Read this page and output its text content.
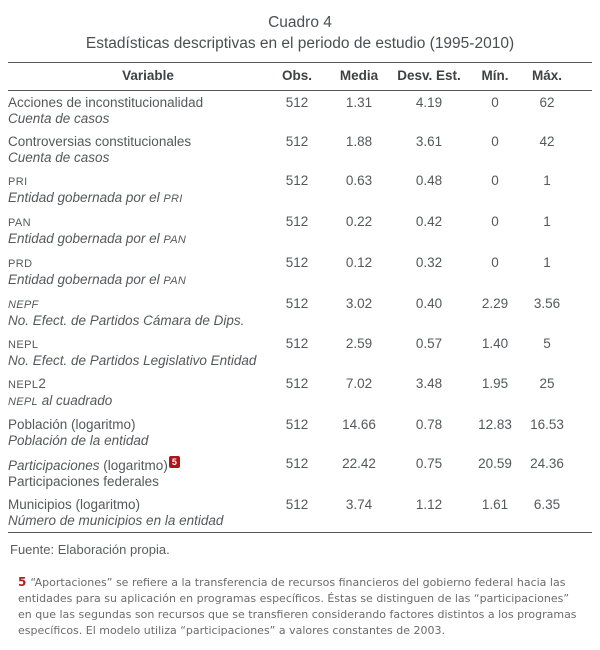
Cuadro 4
Estadísticas descriptivas en el periodo de estudio (1995-2010)
Variable	Obs.	Media	Desv. Est.	Mín.	Máx.
Acciones de inconstitucionalidad
Cuenta de casos
512	1.31	4.19	0	62
Controversias constitucionales
Cuenta de casos
512	1.88	3.61	0	42
PRI
Entidad gobernada por el PRI
512	0.63	0.48	0	1
PAN
Entidad gobernada por el PAN
512	0.22	0.42	0	1
PRD
Entidad gobernada por el PAN
512	0.12	0.32	0	1
NEPF
No. Efect. de Partidos Cámara de Dips.
512	3.02	0.40	2.29	3.56
NEPL
No. Efect. de Partidos Legislativo Entidad
512	2.59	0.57	1.40	5
NEPL2
NEPL al cuadrado
512	7.02	3.48	1.95	25
Población (logaritmo)
Población de la entidad
512	14.66	0.78	12.83	16.53
Participaciones (logaritmo) 5
Participaciones federales
512	22.42	0.75	20.59	24.36
Municipios (logaritmo)
Número de municipios en la entidad
512	3.74	1.12	1.61	6.35
Fuente: Elaboración propia.
5 “Aportaciones” se refiere a la transferencia de recursos financieros del gobierno federal hacia las entidades para su aplicación en programas específicos. Éstas se distinguen de las “participaciones” en que las segundas son recursos que se transfieren considerando factores distintos a los programas específicos. El modelo utiliza “participaciones” a valores constantes de 2003.
